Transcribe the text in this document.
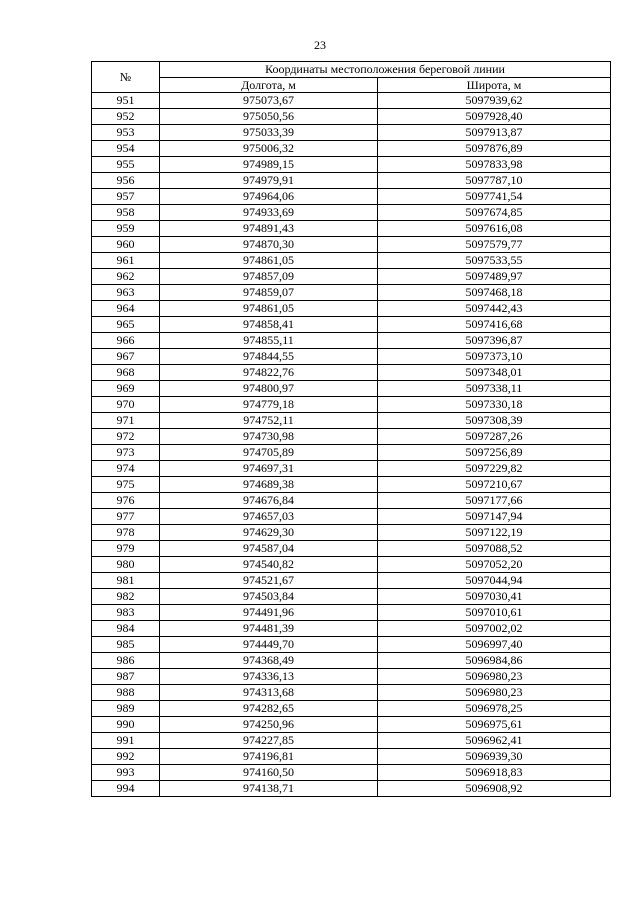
23
№	Координаты местоположения береговой линии	
	Долгота, м	Широта, м
951	975073,67	5097939,62
952	975050,56	5097928,40
953	975033,39	5097913,87
954	975006,32	5097876,89
955	974989,15	5097833,98
956	974979,91	5097787,10
957	974964,06	5097741,54
958	974933,69	5097674,85
959	974891,43	5097616,08
960	974870,30	5097579,77
961	974861,05	5097533,55
962	974857,09	5097489,97
963	974859,07	5097468,18
964	974861,05	5097442,43
965	974858,41	5097416,68
966	974855,11	5097396,87
967	974844,55	5097373,10
968	974822,76	5097348,01
969	974800,97	5097338,11
970	974779,18	5097330,18
971	974752,11	5097308,39
972	974730,98	5097287,26
973	974705,89	5097256,89
974	974697,31	5097229,82
975	974689,38	5097210,67
976	974676,84	5097177,66
977	974657,03	5097147,94
978	974629,30	5097122,19
979	974587,04	5097088,52
980	974540,82	5097052,20
981	974521,67	5097044,94
982	974503,84	5097030,41
983	974491,96	5097010,61
984	974481,39	5097002,02
985	974449,70	5096997,40
986	974368,49	5096984,86
987	974336,13	5096980,23
988	974313,68	5096980,23
989	974282,65	5096978,25
990	974250,96	5096975,61
991	974227,85	5096962,41
992	974196,81	5096939,30
993	974160,50	5096918,83
994	974138,71	5096908,92
